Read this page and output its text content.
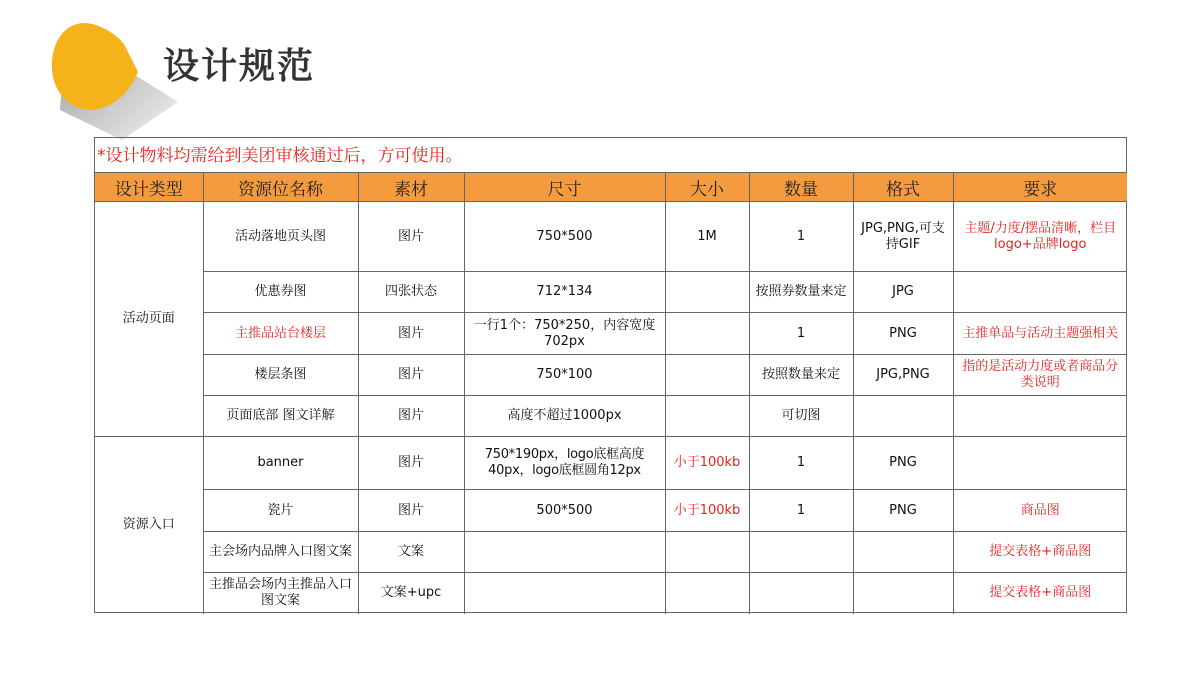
设计规范
*设计物料均需给到美团审核通过后，方可使用。
设计类型	资源位名称	素材	尺寸	大小	数量	格式	要求
活动页面	活动落地页头图	图片	750*500	1M	1	JPG,PNG,可支持GIF	主题/力度/摆品清晰，栏目logo+品牌logo
	优惠券图	四张状态	712*134		按照券数量来定	JPG	
	主推品站台楼层	图片	一行1个：750*250，内容宽度702px		1	PNG	主推单品与活动主题强相关
	楼层条图	图片	750*100		按照数量来定	JPG,PNG	指的是活动力度或者商品分类说明
	页面底部 图文详解	图片	高度不超过1000px		可切图		
资源入口	banner	图片	750*190px，logo底框高度40px，logo底框圆角12px	小于100kb	1	PNG	
	瓷片	图片	500*500	小于100kb	1	PNG	商品图
	主会场内品牌入口图文案	文案					提交表格+商品图
	主推品会场内主推品入口图文案	文案+upc					提交表格+商品图
